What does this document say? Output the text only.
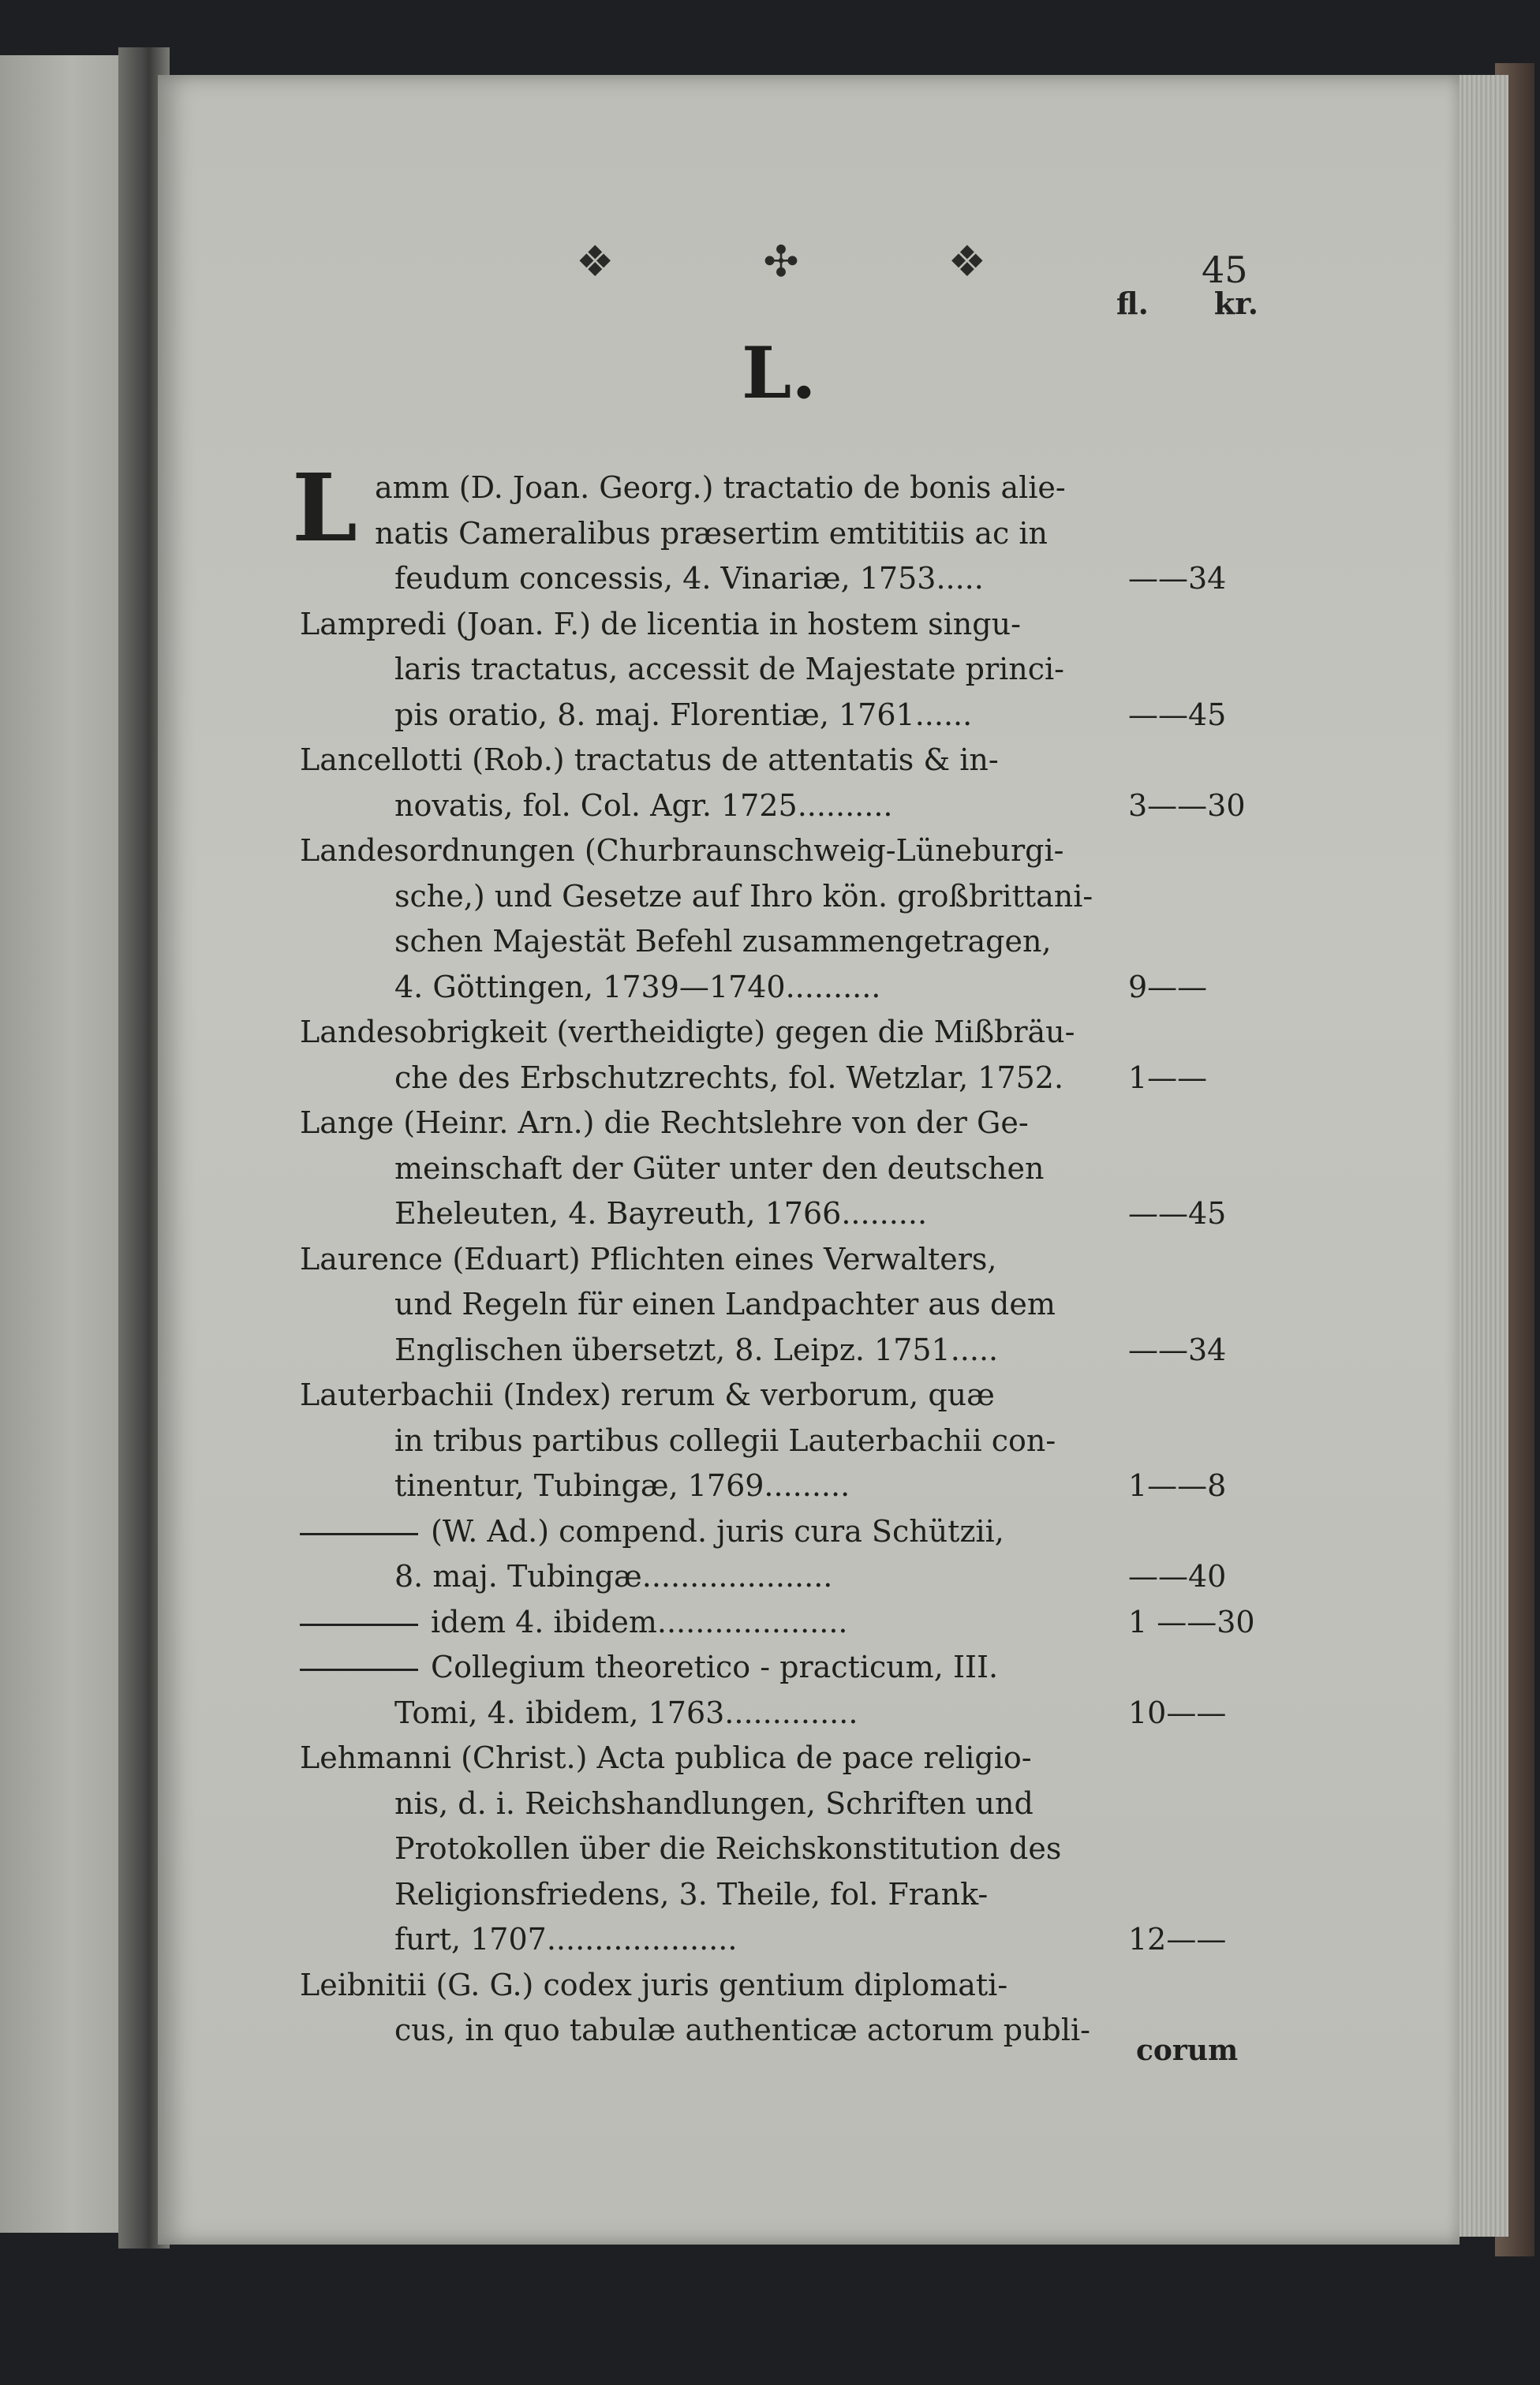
❖	✣	❖	45
fl. kr.
L.
L amm (D. Joan. Georg.) tractatio de bonis alie-
natis Cameralibus præsertim emtititiis ac in
feudum concessis, 4. Vinariæ, 1753.....	——34
Lampredi (Joan. F.) de licentia in hostem singu-
laris tractatus, accessit de Majestate princi-
pis oratio, 8. maj. Florentiæ, 1761......	——45
Lancellotti (Rob.) tractatus de attentatis & in-
novatis, fol. Col. Agr. 1725..........	3——30
Landesordnungen (Churbraunschweig-Lüneburgi-
sche,) und Gesetze auf Ihro kön. großbrittani-
schen Majestät Befehl zusammengetragen,
4. Göttingen, 1739—1740..........	9——
Landesobrigkeit (vertheidigte) gegen die Mißbräu-
che des Erbschutzrechts, fol. Wetzlar, 1752. 1——
Lange (Heinr. Arn.) die Rechtslehre von der Ge-
meinschaft der Güter unter den deutschen
Eheleuten, 4. Bayreuth, 1766.........	——45
Laurence (Eduart) Pflichten eines Verwalters,
und Regeln für einen Landpachter aus dem
Englischen übersetzt, 8. Leipz. 1751.....	——34
Lauterbachii (Index) rerum & verborum, quæ
in tribus partibus collegii Lauterbachii con-
tinentur, Tubingæ, 1769.........	1——8
(W. Ad.) compend. juris cura Schützii,
8. maj. Tubingæ....................	——40
idem 4. ibidem....................	1 ——30
Collegium theoretico - practicum, III.
Tomi, 4. ibidem, 1763..............	10——
Lehmanni (Christ.) Acta publica de pace religio-
nis, d. i. Reichshandlungen, Schriften und
Protokollen über die Reichskonstitution des
Religionsfriedens, 3. Theile, fol. Frank-
furt, 1707....................	12——
Leibnitii (G. G.) codex juris gentium diplomati-
cus, in quo tabulæ authenticæ actorum publi-
corum
